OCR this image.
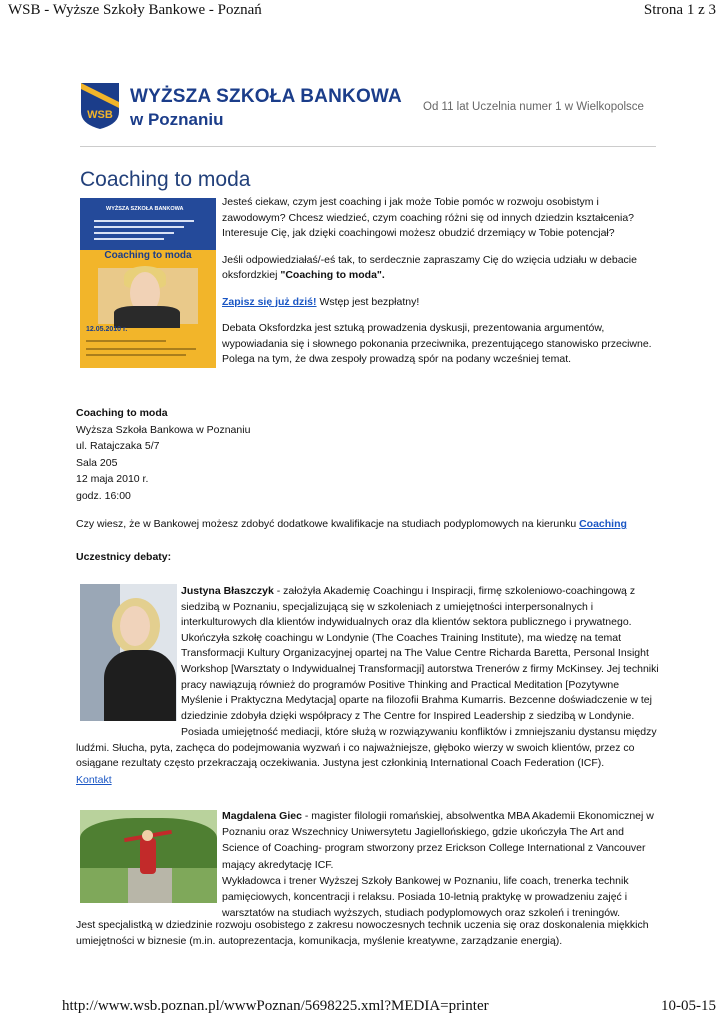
WSB - Wyższe Szkoły Bankowe - Poznań	Strona 1 z 3
WSB
WYŻSZA SZKOŁA BANKOWA
w Poznaniu
Od 11 lat Uczelnia numer 1 w Wielkopolsce
Coaching to moda
WYŻSZA SZKOŁA BANKOWA
Coaching to moda
12.05.2010 r.

Jesteś ciekaw, czym jest coaching i jak może Tobie pomóc w rozwoju osobistym i zawodowym? Chcesz wiedzieć, czym coaching różni się od innych dziedzin kształcenia? Interesuje Cię, jak dzięki coachingowi możesz obudzić drzemiący w Tobie potencjał?

Jeśli odpowiedziałaś/-eś tak, to serdecznie zapraszamy Cię do wzięcia udziału w debacie oksfordzkiej "Coaching to moda".

Zapisz się już dziś! Wstęp jest bezpłatny!

Debata Oksfordzka jest sztuką prowadzenia dyskusji, prezentowania argumentów, wypowiadania się i słownego pokonania przeciwnika, prezentującego stanowisko przeciwne. Polega na tym, że dwa zespoły prowadzą spór na podany wcześniej temat.

Coaching to moda
Wyższa Szkoła Bankowa w Poznaniu
ul. Ratajczaka 5/7
Sala 205
12 maja 2010 r.
godz. 16:00
Czy wiesz, że w Bankowej możesz zdobyć dodatkowe kwalifikacje na studiach podyplomowych na kierunku Coaching
Uczestnicy debaty:
Justyna Błaszczyk - założyła Akademię Coachingu i Inspiracji, firmę szkoleniowo-coachingową z siedzibą w Poznaniu, specjalizującą się w szkoleniach z umiejętności interpersonalnych i interkulturowych dla klientów indywidualnych oraz dla klientów sektora publicznego i prywatnego.
Ukończyła szkołę coachingu w Londynie (The Coaches Training Institute), ma wiedzę na temat Transformacji Kultury Organizacyjnej opartej na The Value Centre Richarda Baretta, Personal Insight Workshop [Warsztaty o Indywidualnej Transformacji] autorstwa Trenerów z firmy McKinsey. Jej techniki pracy nawiązują również do programów Positive Thinking and Practical Meditation [Pozytywne Myślenie i Praktyczna Medytacja] oparte na filozofii Brahma Kumarris. Bezcenne doświadczenie w tej dziedzinie zdobyła dzięki współpracy z The Centre for Inspired Leadership z siedzibą w Londynie.
Posiada umiejętność mediacji, które służą w rozwiązywaniu konfliktów i zmniejszaniu dystansu między ludźmi. Słucha, pyta, zachęca do podejmowania wyzwań i co najważniejsze, głęboko wierzy w swoich klientów, przez co osiągane rezultaty często przekraczają oczekiwania. Justyna jest członkinią International Coach Federation (ICF).
Kontakt
Magdalena Giec - magister filologii romańskiej, absolwentka MBA Akademii Ekonomicznej w Poznaniu oraz Wszechnicy Uniwersytetu Jagiellońskiego, gdzie ukończyła The Art and Science of Coaching- program stworzony przez Erickson College International z Vancouver mający akredytację ICF.
Wykładowca i trener Wyższej Szkoły Bankowej w Poznaniu, life coach, trenerka technik pamięciowych, koncentracji i relaksu. Posiada 10-letnią praktykę w prowadzeniu zajęć i warsztatów na studiach wyższych, studiach podyplomowych oraz szkoleń i treningów.
Jest specjalistką w dziedzinie rozwoju osobistego z zakresu nowoczesnych technik uczenia się oraz doskonalenia miękkich umiejętności w biznesie (m.in. autoprezentacja, komunikacja, myślenie kreatywne, zarządzanie energią).
http://www.wsb.poznan.pl/wwwPoznan/5698225.xml?MEDIA=printer	10-05-15
